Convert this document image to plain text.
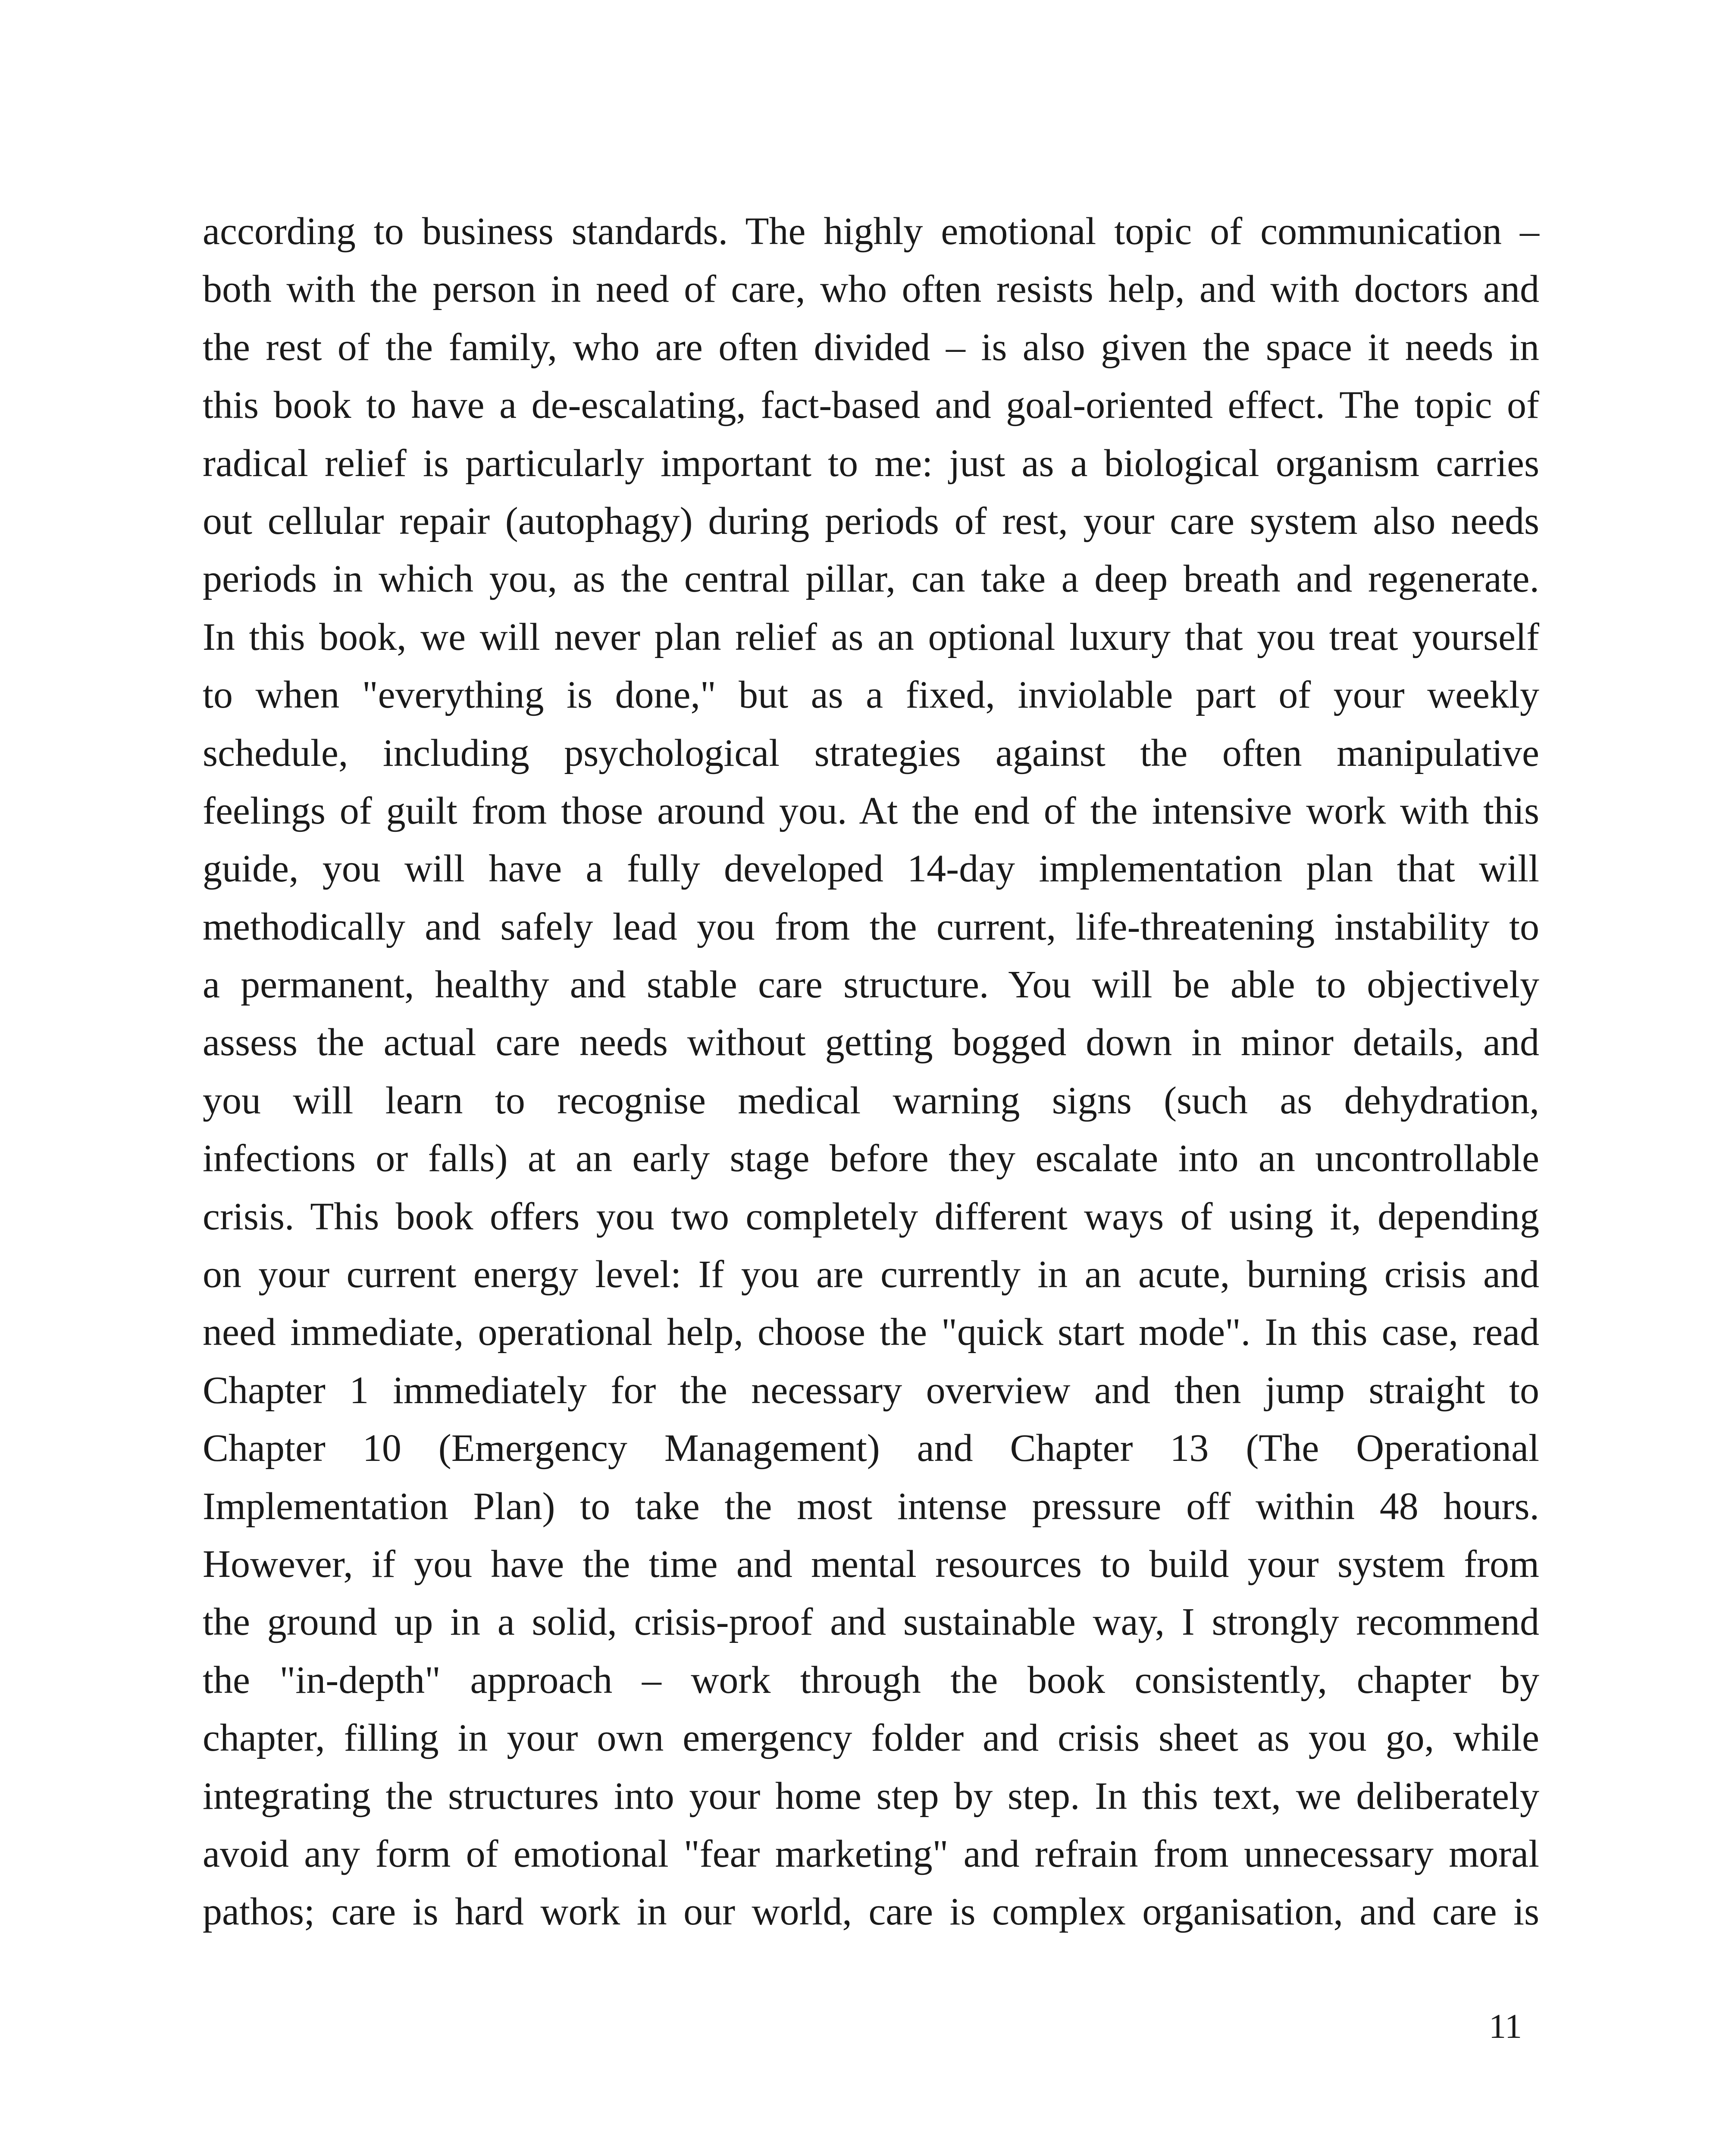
according to business standards. The highly emotional topic of communication –
both with the person in need of care, who often resists help, and with doctors and
the rest of the family, who are often divided – is also given the space it needs in
this book to have a de-escalating, fact-based and goal-oriented effect. The topic of
radical relief is particularly important to me: just as a biological organism carries
out cellular repair (autophagy) during periods of rest, your care system also needs
periods in which you, as the central pillar, can take a deep breath and regenerate.
In this book, we will never plan relief as an optional luxury that you treat yourself
to when "everything is done," but as a fixed, inviolable part of your weekly
schedule, including psychological strategies against the often manipulative
feelings of guilt from those around you. At the end of the intensive work with this
guide, you will have a fully developed 14-day implementation plan that will
methodically and safely lead you from the current, life-threatening instability to
a permanent, healthy and stable care structure. You will be able to objectively
assess the actual care needs without getting bogged down in minor details, and
you will learn to recognise medical warning signs (such as dehydration,
infections or falls) at an early stage before they escalate into an uncontrollable
crisis. This book offers you two completely different ways of using it, depending
on your current energy level: If you are currently in an acute, burning crisis and
need immediate, operational help, choose the "quick start mode". In this case, read
Chapter 1 immediately for the necessary overview and then jump straight to
Chapter 10 (Emergency Management) and Chapter 13 (The Operational
Implementation Plan) to take the most intense pressure off within 48 hours.
However, if you have the time and mental resources to build your system from
the ground up in a solid, crisis-proof and sustainable way, I strongly recommend
the "in-depth" approach – work through the book consistently, chapter by
chapter, filling in your own emergency folder and crisis sheet as you go, while
integrating the structures into your home step by step. In this text, we deliberately
avoid any form of emotional "fear marketing" and refrain from unnecessary moral
pathos; care is hard work in our world, care is complex organisation, and care is
11
